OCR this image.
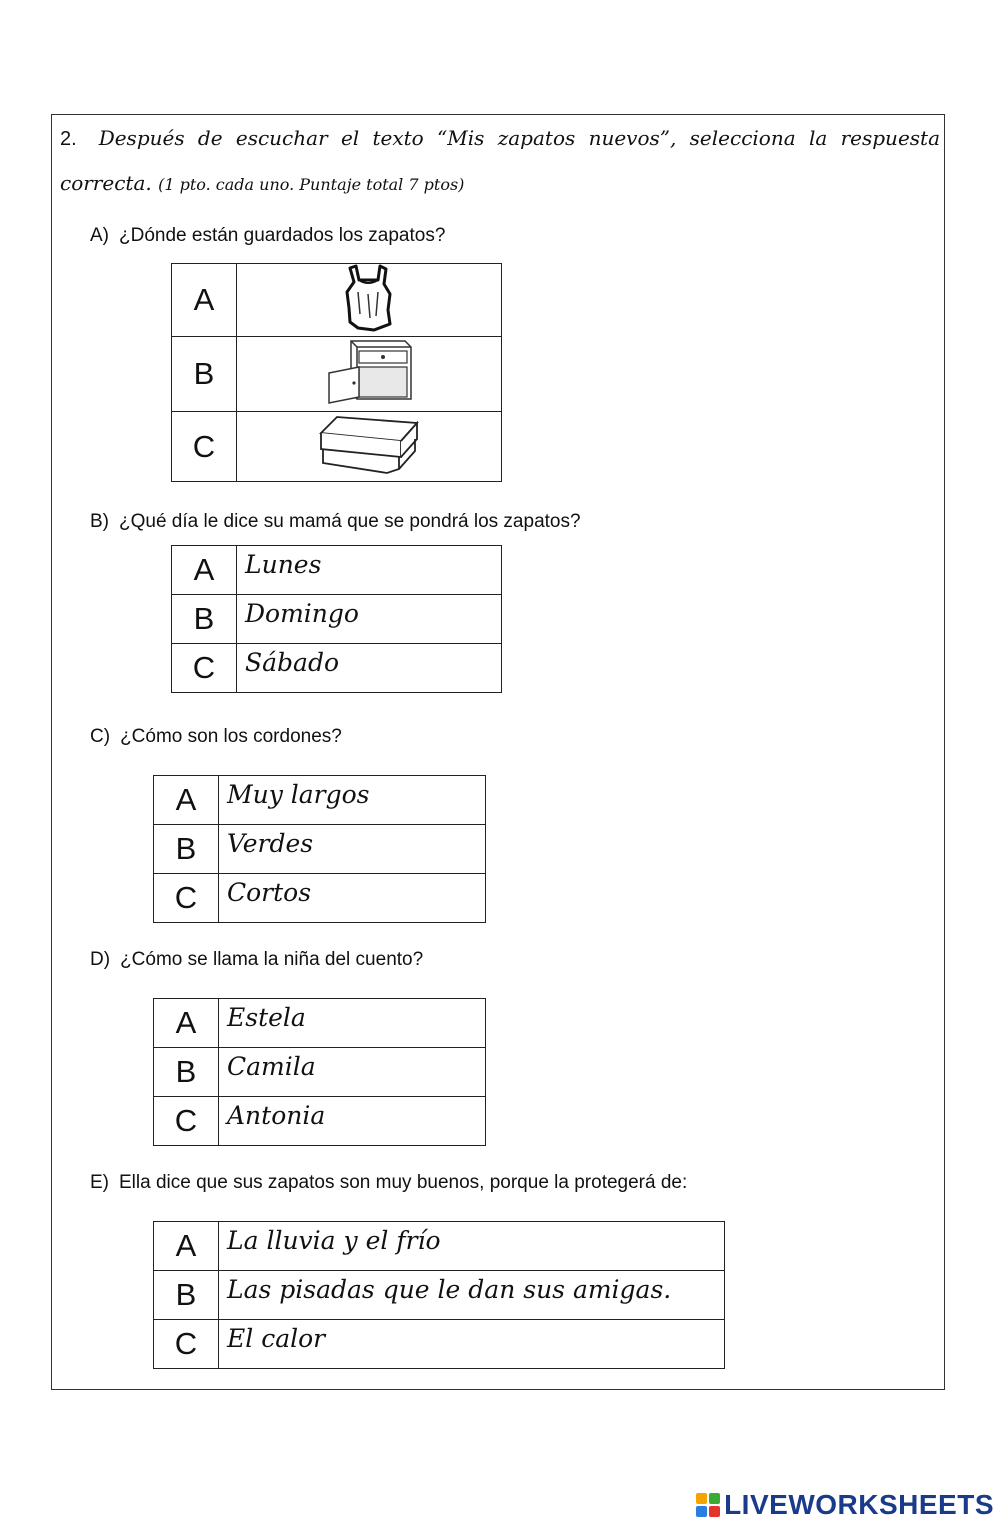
2. Después de escuchar el texto “Mis zapatos nuevos”, selecciona la respuesta correcta. (1 pto. cada uno. Puntaje total 7 ptos)
A) ¿Dónde están guardados los zapatos?
A	
B	
C	
B) ¿Qué día le dice su mamá que se pondrá los zapatos?
A	Lunes
B	Domingo
C	Sábado
C) ¿Cómo son los cordones?
A	Muy largos
B	Verdes
C	Cortos
D) ¿Cómo se llama la niña del cuento?
A	Estela
B	Camila
C	Antonia
E) Ella dice que sus zapatos son muy buenos, porque la protegerá de:
A	La lluvia y el frío
B	Las pisadas que le dan sus amigas.
C	El calor
LIVEWORKSHEETS
